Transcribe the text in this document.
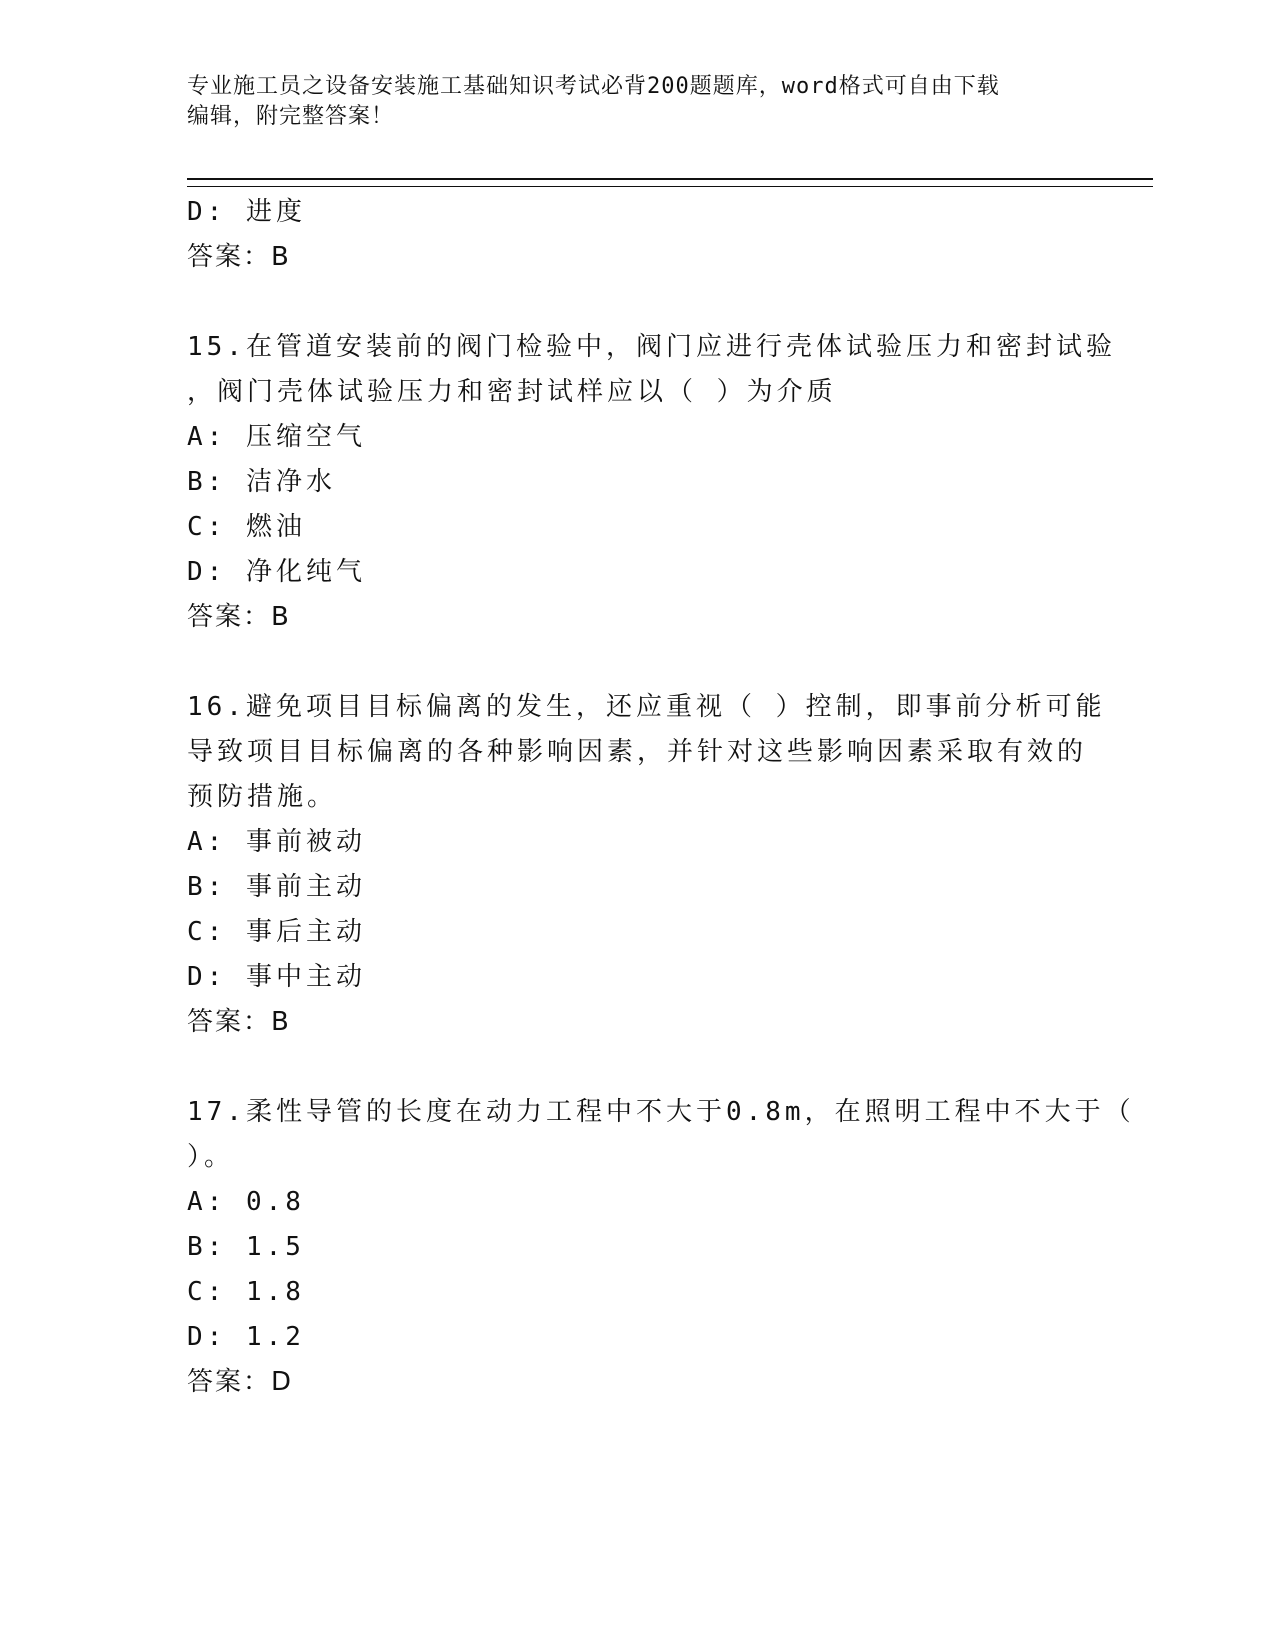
专业施工员之设备安装施工基础知识考试必背200题题库，word格式可自由下载
编辑，附完整答案！
D: 进度
答案：B
15.在管道安装前的阀门检验中，阀门应进行壳体试验压力和密封试验
，阀门壳体试验压力和密封试样应以（ ）为介质
A: 压缩空气
B: 洁净水
C: 燃油
D: 净化纯气
答案：B
16.避免项目目标偏离的发生，还应重视（ ）控制，即事前分析可能
导致项目目标偏离的各种影响因素，并针对这些影响因素采取有效的
预防措施。
A: 事前被动
B: 事前主动
C: 事后主动
D: 事中主动
答案：B
17.柔性导管的长度在动力工程中不大于0.8m，在照明工程中不大于（
）。
A: 0.8
B: 1.5
C: 1.8
D: 1.2
答案：D
